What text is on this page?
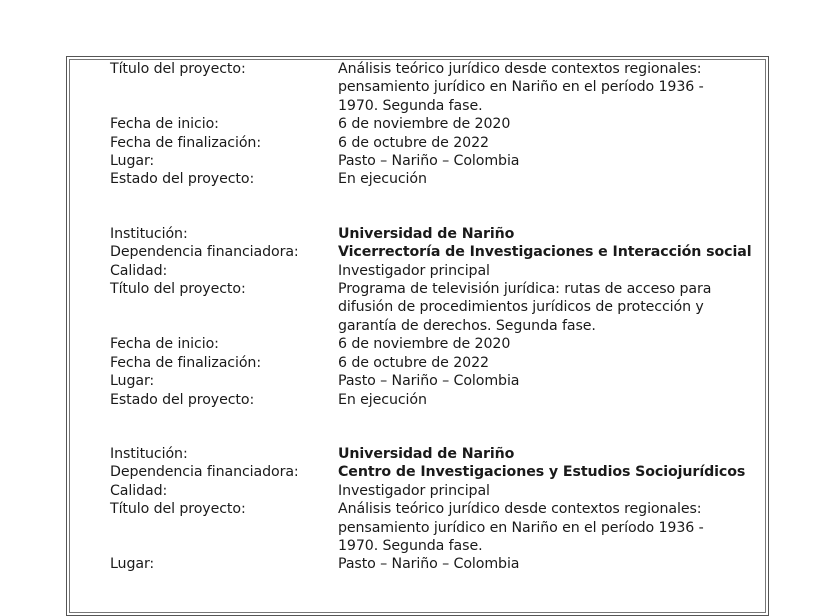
Título del proyecto:	Análisis teórico jurídico desde contextos regionales: pensamiento jurídico en Nariño en el período 1936 - 1970. Segunda fase.
Fecha de inicio:	6 de noviembre de 2020
Fecha de finalización:	6 de octubre de 2022
Lugar:	Pasto – Nariño – Colombia
Estado del proyecto:	En ejecución
Institución:	Universidad de Nariño
Dependencia financiadora:	Vicerrectoría de Investigaciones e Interacción social
Calidad:	Investigador principal
Título del proyecto:	Programa de televisión jurídica: rutas de acceso para difusión de procedimientos jurídicos de protección y garantía de derechos. Segunda fase.
Fecha de inicio:	6 de noviembre de 2020
Fecha de finalización:	6 de octubre de 2022
Lugar:	Pasto – Nariño – Colombia
Estado del proyecto:	En ejecución
Institución:	Universidad de Nariño
Dependencia financiadora:	Centro de Investigaciones y Estudios Sociojurídicos
Calidad:	Investigador principal
Título del proyecto:	Análisis teórico jurídico desde contextos regionales: pensamiento jurídico en Nariño en el período 1936 - 1970. Segunda fase.
Lugar:	Pasto – Nariño – Colombia
